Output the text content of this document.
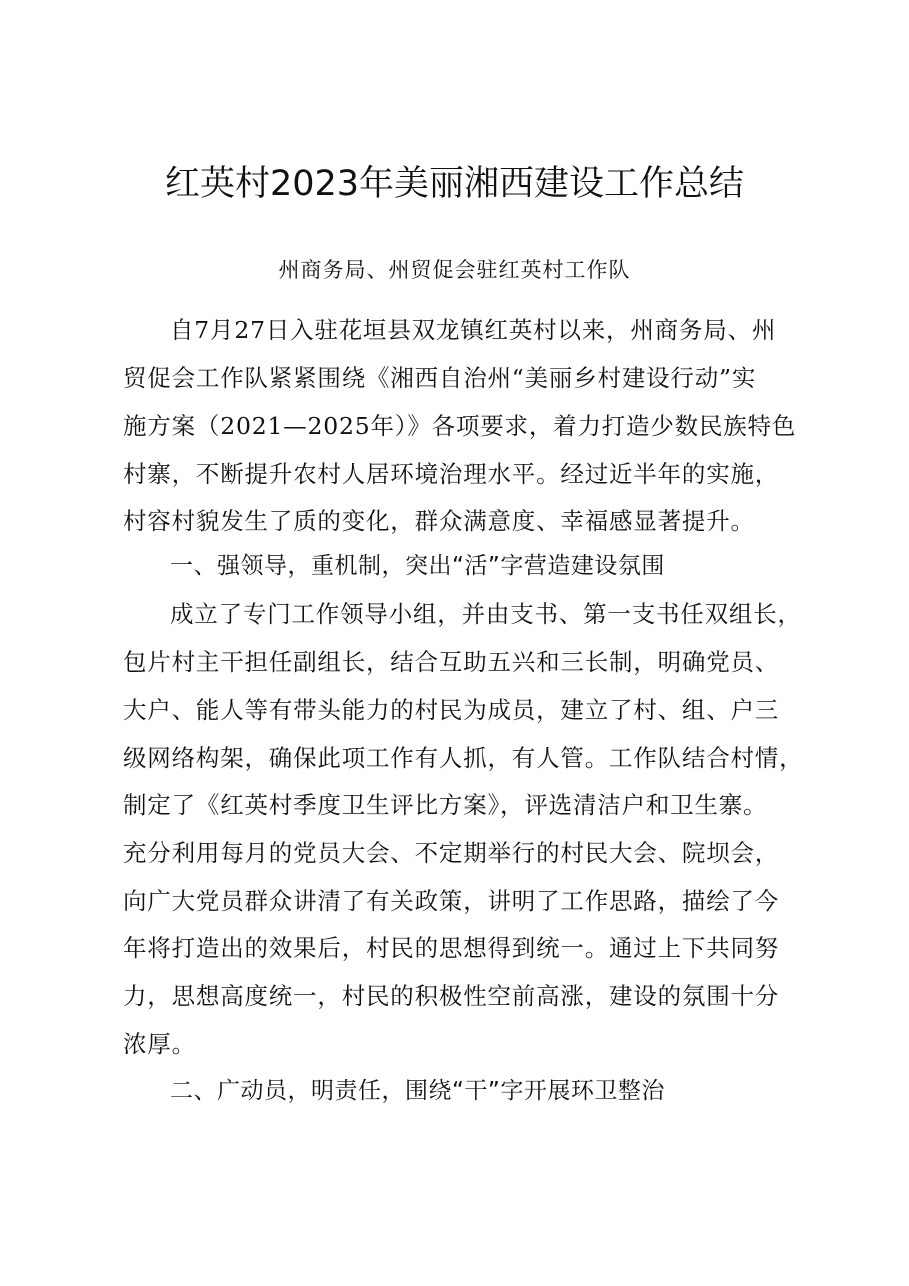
红英村2023年美丽湘西建设工作总结
州商务局、州贸促会驻红英村工作队
自7月27日入驻花垣县双龙镇红英村以来，州商务局、州
贸促会工作队紧紧围绕《湘西自治州“美丽乡村建设行动”实
施方案（2021—2025年）》各项要求，着力打造少数民族特色
村寨，不断提升农村人居环境治理水平。经过近半年的实施，
村容村貌发生了质的变化，群众满意度、幸福感显著提升。
一、强领导，重机制，突出“活”字营造建设氛围
成立了专门工作领导小组，并由支书、第一支书任双组长，
包片村主干担任副组长，结合互助五兴和三长制，明确党员、
大户、能人等有带头能力的村民为成员，建立了村、组、户三
级网络构架，确保此项工作有人抓，有人管。工作队结合村情，
制定了《红英村季度卫生评比方案》，评选清洁户和卫生寨。
充分利用每月的党员大会、不定期举行的村民大会、院坝会，
向广大党员群众讲清了有关政策，讲明了工作思路，描绘了今
年将打造出的效果后，村民的思想得到统一。通过上下共同努
力，思想高度统一，村民的积极性空前高涨，建设的氛围十分
浓厚。
二、广动员，明责任，围绕“干”字开展环卫整治
